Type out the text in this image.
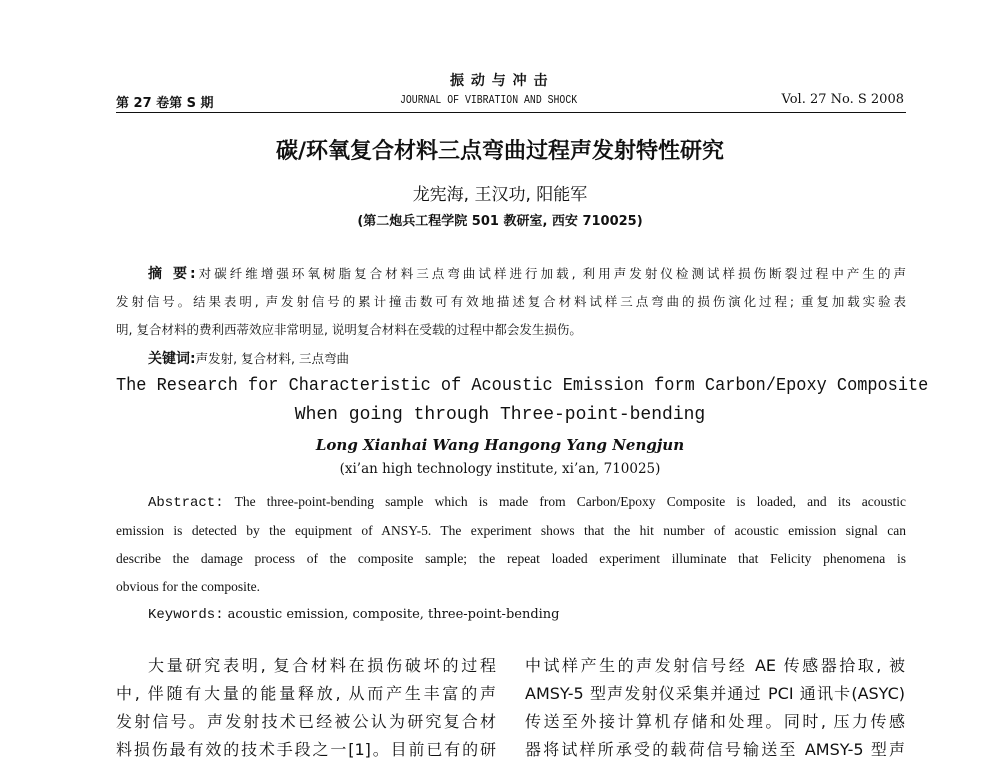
振 动 与 冲 击
第 27 卷第 S 期	JOURNAL OF VIBRATION AND SHOCK	Vol. 27 No. S 2008
碳/环氧复合材料三点弯曲过程声发射特性研究
龙宪海, 王汉功, 阳能军
(第二炮兵工程学院 501 教研室, 西安 710025)
摘 要:对碳纤维增强环氧树脂复合材料三点弯曲试样进行加载, 利用声发射仪检测试样损伤断裂过程中产生的声
发射信号。结果表明, 声发射信号的累计撞击数可有效地描述复合材料试样三点弯曲的损伤演化过程; 重复加载实验表
明, 复合材料的费利西蒂效应非常明显, 说明复合材料在受载的过程中都会发生损伤。
关键词:声发射, 复合材料, 三点弯曲
The Research for Characteristic of Acoustic Emission form Carbon/Epoxy Composite
When going through Three-point-bending
Long Xianhai Wang Hangong Yang Nengjun
(xi’an high technology institute, xi’an, 710025)
Abstract: The three-point-bending sample which is made from Carbon/Epoxy Composite is loaded, and its acoustic
emission is detected by the equipment of ANSY-5. The experiment shows that the hit number of acoustic emission signal can
describe the damage process of the composite sample; the repeat loaded experiment illuminate that Felicity phenomena is
obvious for the composite.
Keywords: acoustic emission, composite, three-point-bending
大量研究表明, 复合材料在损伤破坏的过程
中, 伴随有大量的能量释放, 从而产生丰富的声
发射信号。声发射技术已经被公认为研究复合材
料损伤最有效的技术手段之一[1]。目前已有的研
中试样产生的声发射信号经 AE 传感器拾取, 被
AMSY-5 型声发射仪采集并通过 PCI 通讯卡(ASYC)
传送至外接计算机存储和处理。同时, 压力传感
器将试样所承受的载荷信号输送至 AMSY-5 型声
